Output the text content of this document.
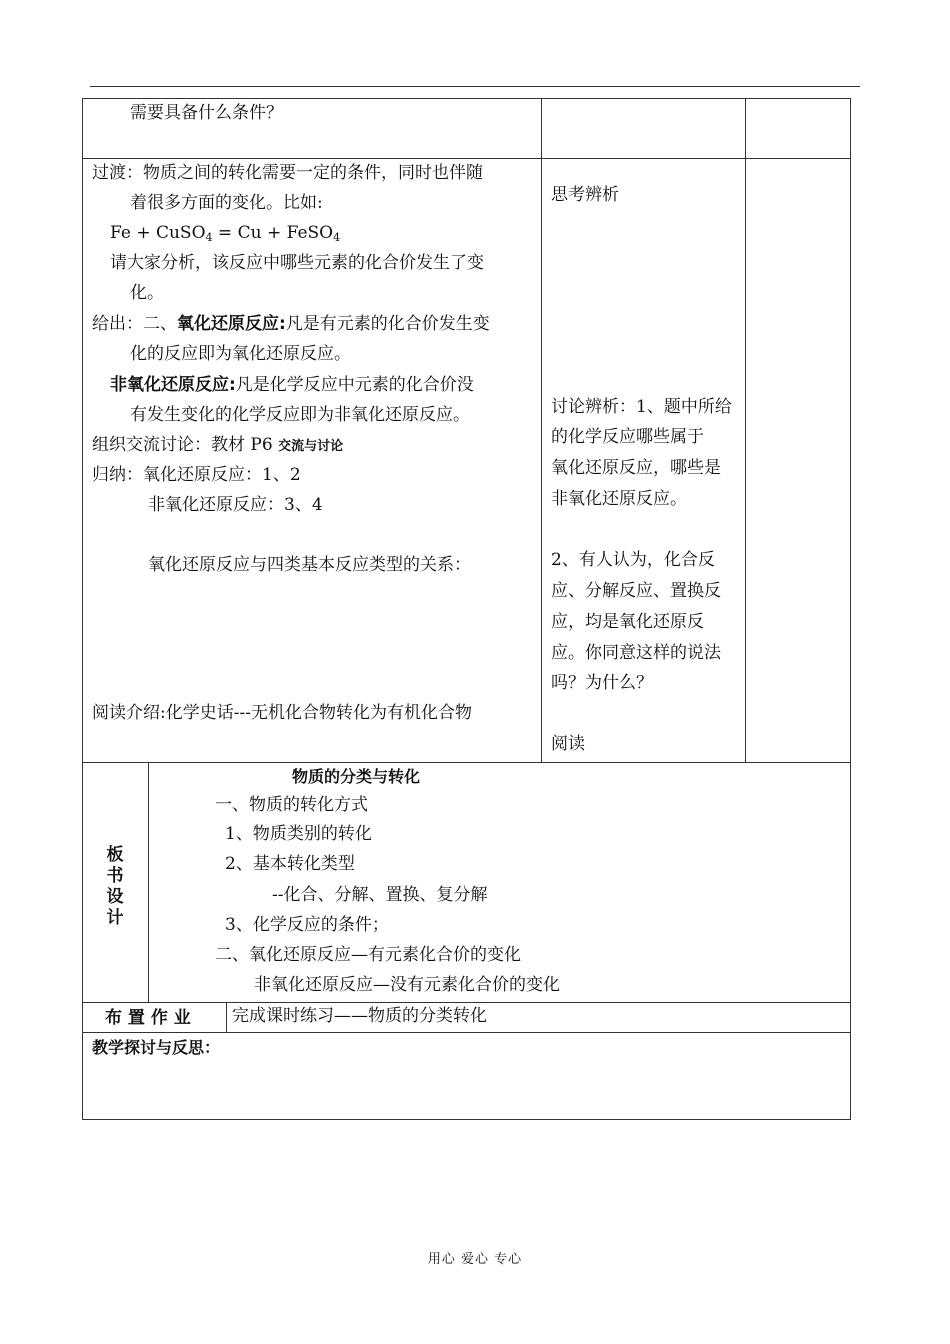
需要具备什么条件？
过渡：物质之间的转化需要一定的条件，同时也伴随
着很多方面的变化。比如:
Fe + CuSO$_4$ = Cu + FeSO$_4$
请大家分析，该反应中哪些元素的化合价发生了变
化。
给出：二、氧化还原反应:凡是有元素的化合价发生变
化的反应即为氧化还原反应。
非氧化还原反应:凡是化学反应中元素的化合价没
有发生变化的化学反应即为非氧化还原反应。
组织交流讨论：教材 P6 交流与讨论
归纳：氧化还原反应：1、2
非氧化还原反应：3、4
氧化还原反应与四类基本反应类型的关系：
阅读介绍:化学史话---无机化合物转化为有机化合物
思考辨析
讨论辨析：1、题中所给
的化学反应哪些属于
氧化还原反应，哪些是
非氧化还原反应。
2、有人认为，化合反
应、分解反应、置换反
应，均是氧化还原反
应。你同意这样的说法
吗？为什么？
阅读
板
书
设
计
物质的分类与转化
一、物质的转化方式
1、物质类别的转化
2、基本转化类型
--化合、分解、置换、复分解
3、化学反应的条件；
二、氧化还原反应—有元素化合价的变化
非氧化还原反应—没有元素化合价的变化
布 置 作 业 完成课时练习——物质的分类转化
教学探讨与反思：
用心 爱心 专心
